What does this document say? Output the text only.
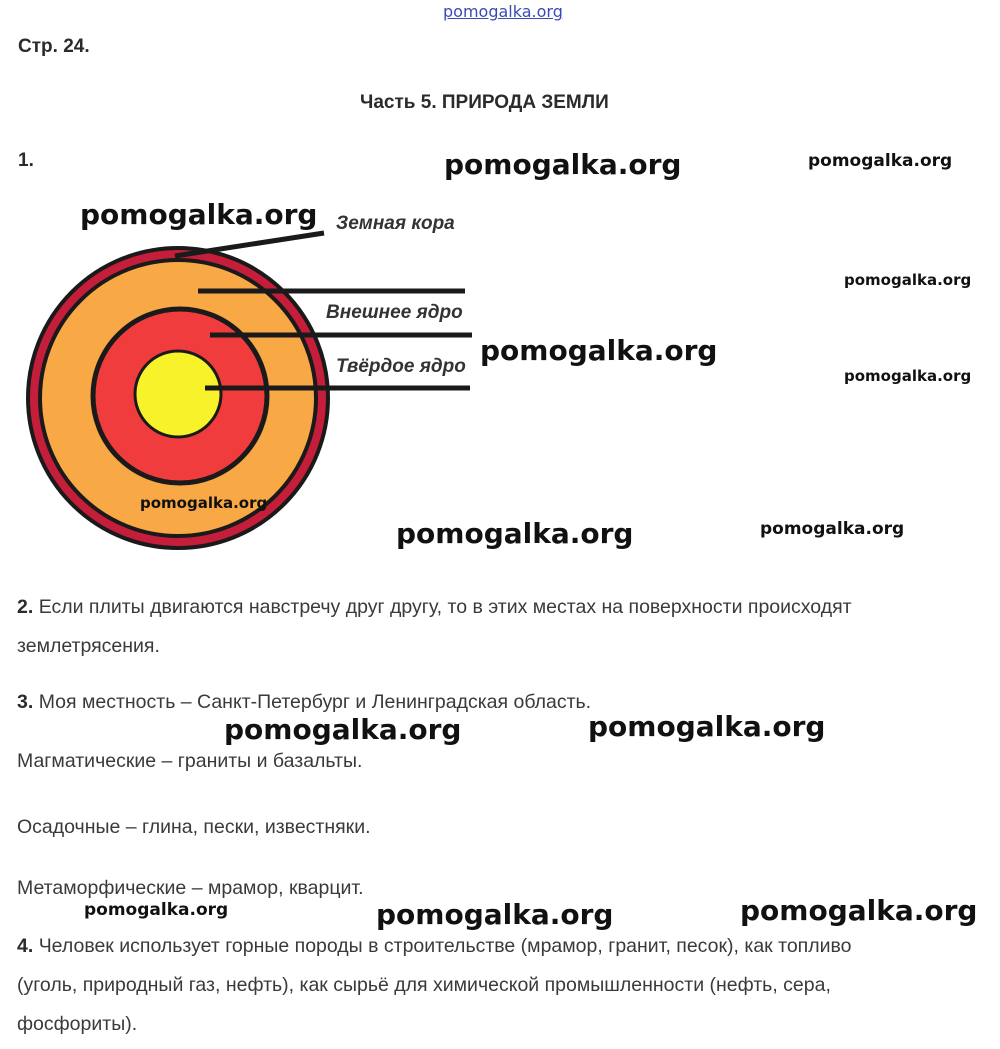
pomogalka.org
Стр. 24.
Часть 5. ПРИРОДА ЗЕМЛИ
1.
Земная кора
Внешнее ядро
Твёрдое ядро
2. Если плиты двигаются навстречу друг другу, то в этих местах на поверхности происходят
землетрясения.
3. Моя местность – Санкт-Петербург и Ленинградская область.
Магматические – граниты и базальты.
Осадочные – глина, пески, известняки.
Метаморфические – мрамор, кварцит.
4. Человек использует горные породы в строительстве (мрамор, гранит, песок), как топливо
(уголь, природный газ, нефть), как сырьё для химической промышленности (нефть, сера,
фосфориты).
pomogalka.org	pomogalka.org
pomogalka.org
pomogalka.org
pomogalka.org
pomogalka.org
pomogalka.org
pomogalka.org	pomogalka.org
pomogalka.org	pomogalka.org
pomogalka.org	pomogalka.org	pomogalka.org
